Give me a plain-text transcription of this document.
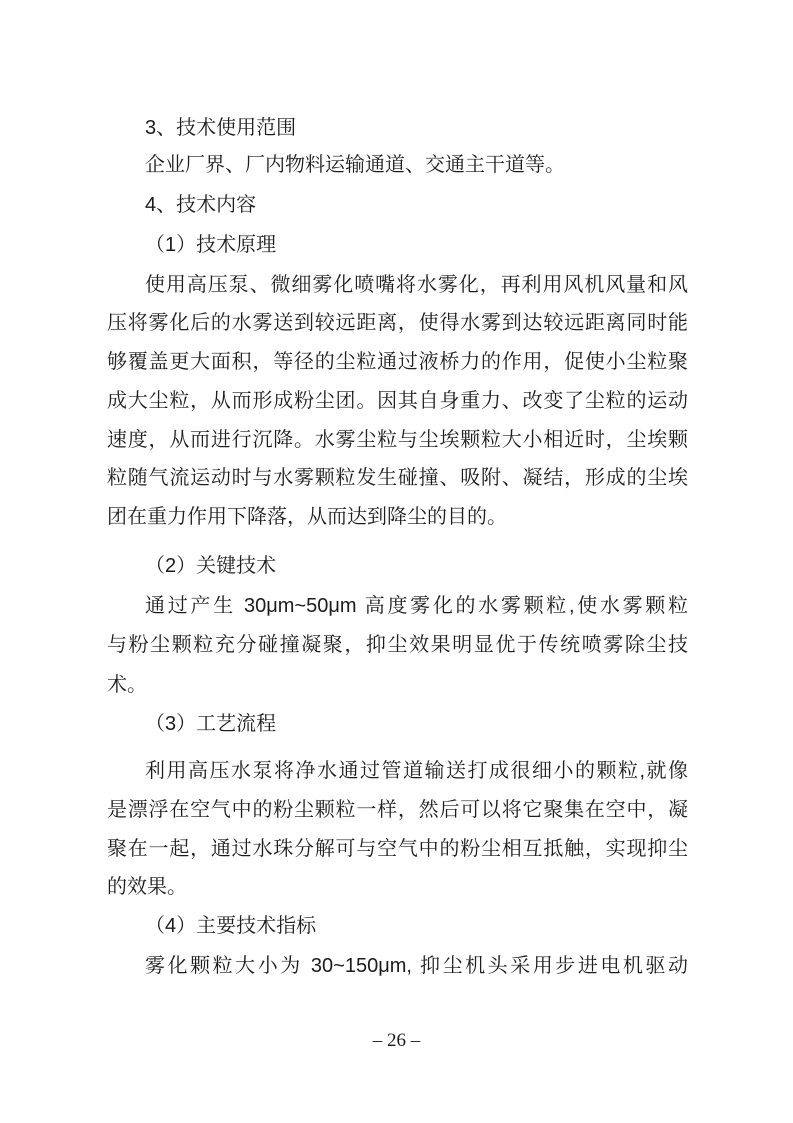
3、技术使用范围
企业厂界、厂内物料运输通道、交通主干道等。
4、技术内容
（1）技术原理
使用高压泵、微细雾化喷嘴将水雾化，再利用风机风量和风
压将雾化后的水雾送到较远距离，使得水雾到达较远距离同时能
够覆盖更大面积，等径的尘粒通过液桥力的作用，促使小尘粒聚
成大尘粒，从而形成粉尘团。因其自身重力、改变了尘粒的运动
速度，从而进行沉降。水雾尘粒与尘埃颗粒大小相近时，尘埃颗
粒随气流运动时与水雾颗粒发生碰撞、吸附、凝结，形成的尘埃
团在重力作用下降落，从而达到降尘的目的。
（2）关键技术
通过产生 30μm~50μm 高度雾化的水雾颗粒,使水雾颗粒
与粉尘颗粒充分碰撞凝聚，抑尘效果明显优于传统喷雾除尘技
术。
（3）工艺流程
利用高压水泵将净水通过管道输送打成很细小的颗粒,就像
是漂浮在空气中的粉尘颗粒一样，然后可以将它聚集在空中，凝
聚在一起，通过水珠分解可与空气中的粉尘相互抵触，实现抑尘
的效果。
（4）主要技术指标
雾化颗粒大小为 30~150μm, 抑尘机头采用步进电机驱动
– 26 –
